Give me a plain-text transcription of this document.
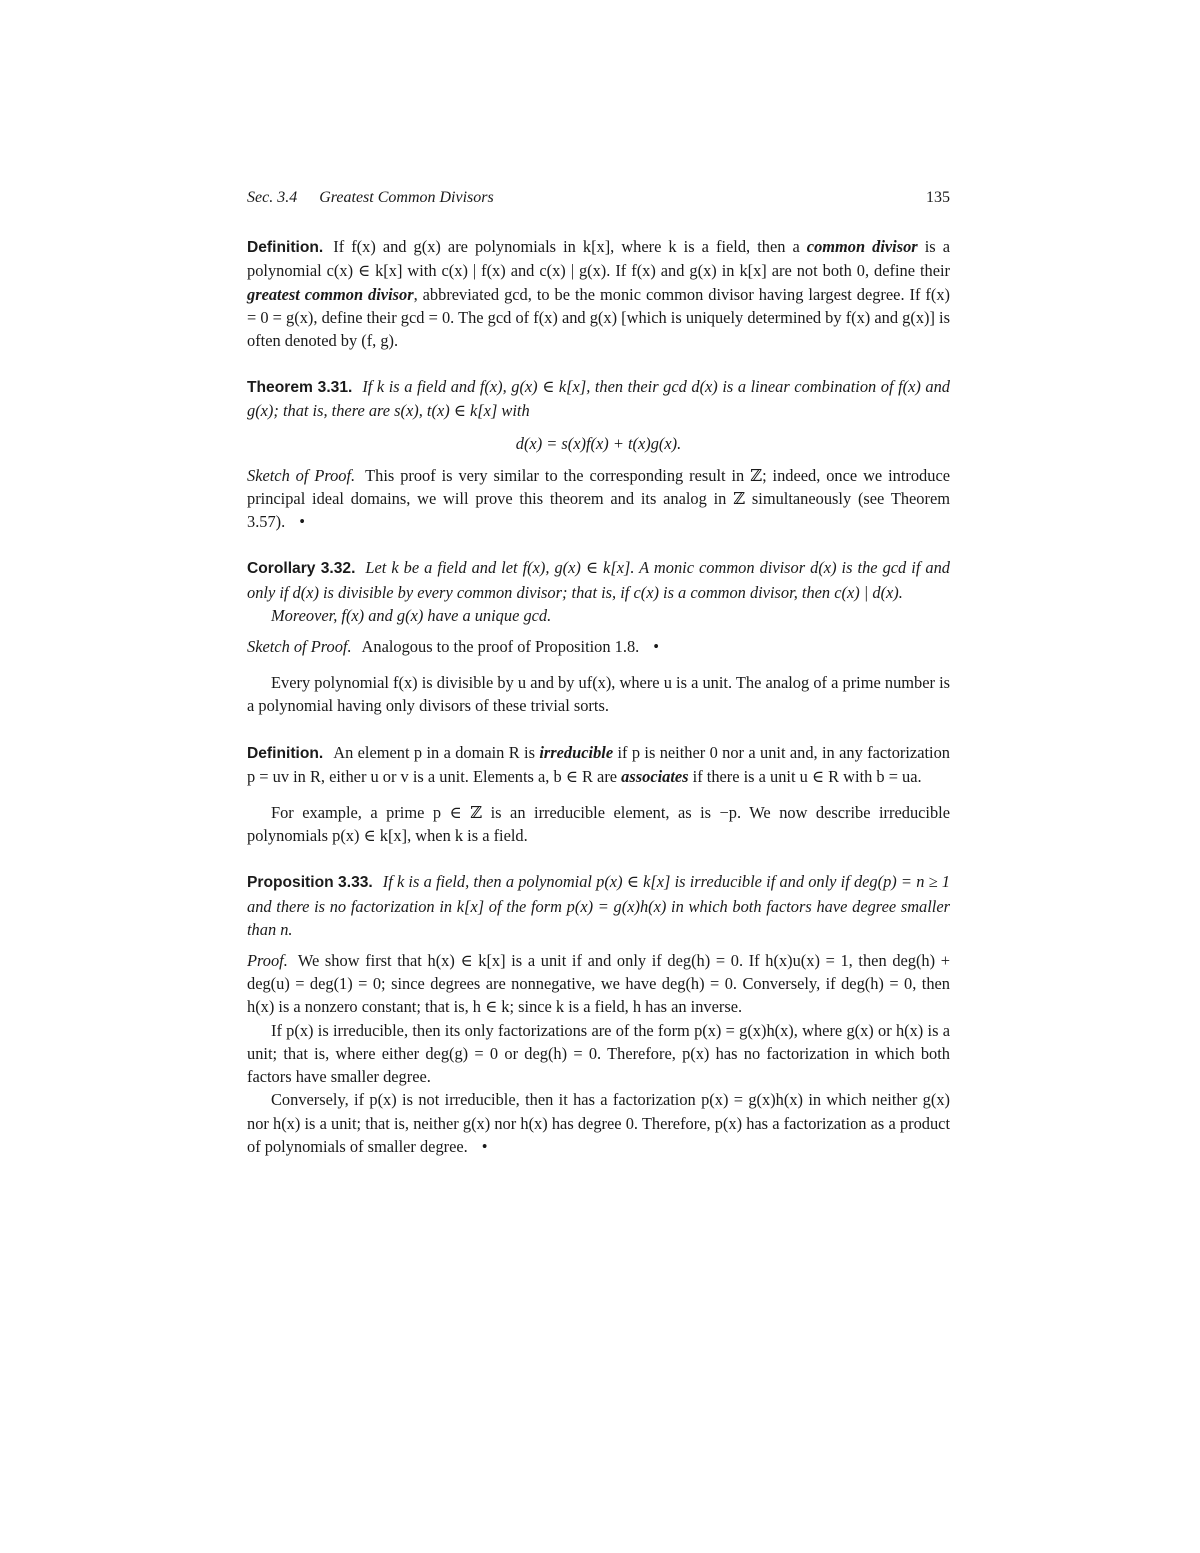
Sec. 3.4 Greatest Common Divisors	135

Definition. If f(x) and g(x) are polynomials in k[x], where k is a field, then a common divisor is a polynomial c(x) ∈ k[x] with c(x) | f(x) and c(x) | g(x). If f(x) and g(x) in k[x] are not both 0, define their greatest common divisor, abbreviated gcd, to be the monic common divisor having largest degree. If f(x) = 0 = g(x), define their gcd = 0. The gcd of f(x) and g(x) [which is uniquely determined by f(x) and g(x)] is often denoted by (f, g).

Theorem 3.31. If k is a field and f(x), g(x) ∈ k[x], then their gcd d(x) is a linear combination of f(x) and g(x); that is, there are s(x), t(x) ∈ k[x] with

d(x) = s(x)f(x) + t(x)g(x).

Sketch of Proof. This proof is very similar to the corresponding result in ℤ; indeed, once we introduce principal ideal domains, we will prove this theorem and its analog in ℤ simultaneously (see Theorem 3.57). •

Corollary 3.32. Let k be a field and let f(x), g(x) ∈ k[x]. A monic common divisor d(x) is the gcd if and only if d(x) is divisible by every common divisor; that is, if c(x) is a common divisor, then c(x) | d(x).

Moreover, f(x) and g(x) have a unique gcd.

Sketch of Proof. Analogous to the proof of Proposition 1.8. •

Every polynomial f(x) is divisible by u and by uf(x), where u is a unit. The analog of a prime number is a polynomial having only divisors of these trivial sorts.

Definition. An element p in a domain R is irreducible if p is neither 0 nor a unit and, in any factorization p = uv in R, either u or v is a unit. Elements a, b ∈ R are associates if there is a unit u ∈ R with b = ua.

For example, a prime p ∈ ℤ is an irreducible element, as is −p. We now describe irreducible polynomials p(x) ∈ k[x], when k is a field.

Proposition 3.33. If k is a field, then a polynomial p(x) ∈ k[x] is irreducible if and only if deg(p) = n ≥ 1 and there is no factorization in k[x] of the form p(x) = g(x)h(x) in which both factors have degree smaller than n.

Proof. We show first that h(x) ∈ k[x] is a unit if and only if deg(h) = 0. If h(x)u(x) = 1, then deg(h) + deg(u) = deg(1) = 0; since degrees are nonnegative, we have deg(h) = 0. Conversely, if deg(h) = 0, then h(x) is a nonzero constant; that is, h ∈ k; since k is a field, h has an inverse.

If p(x) is irreducible, then its only factorizations are of the form p(x) = g(x)h(x), where g(x) or h(x) is a unit; that is, where either deg(g) = 0 or deg(h) = 0. Therefore, p(x) has no factorization in which both factors have smaller degree.

Conversely, if p(x) is not irreducible, then it has a factorization p(x) = g(x)h(x) in which neither g(x) nor h(x) is a unit; that is, neither g(x) nor h(x) has degree 0. Therefore, p(x) has a factorization as a product of polynomials of smaller degree. •
